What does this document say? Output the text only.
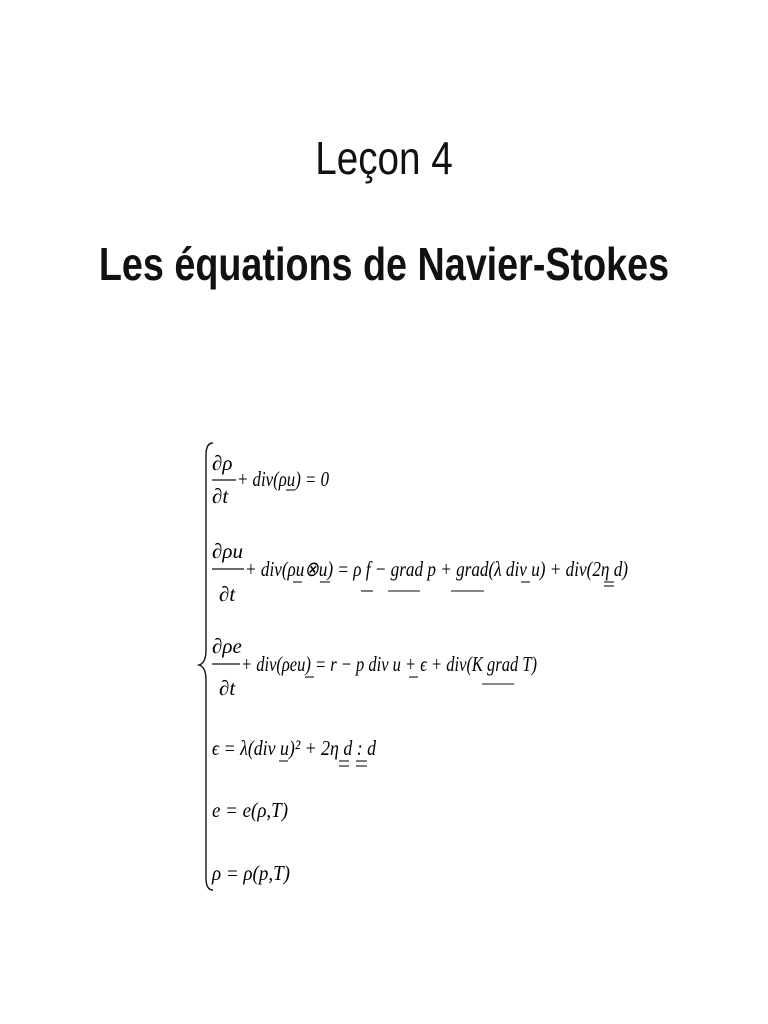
Leçon 4
Les équations de Navier-Stokes
∂ρ
∂t
+ div(ρu) = 0
∂ρu
∂t
+ div(ρu⊗u) = ρ f − grad p + grad(λ div u) + div(2η d)
∂ρe
∂t
+ div(ρeu) = r − p div u + ϵ + div(K grad T)
ϵ = λ(div u)² + 2η d : d
e = e(ρ,T)
ρ = ρ(p,T)
